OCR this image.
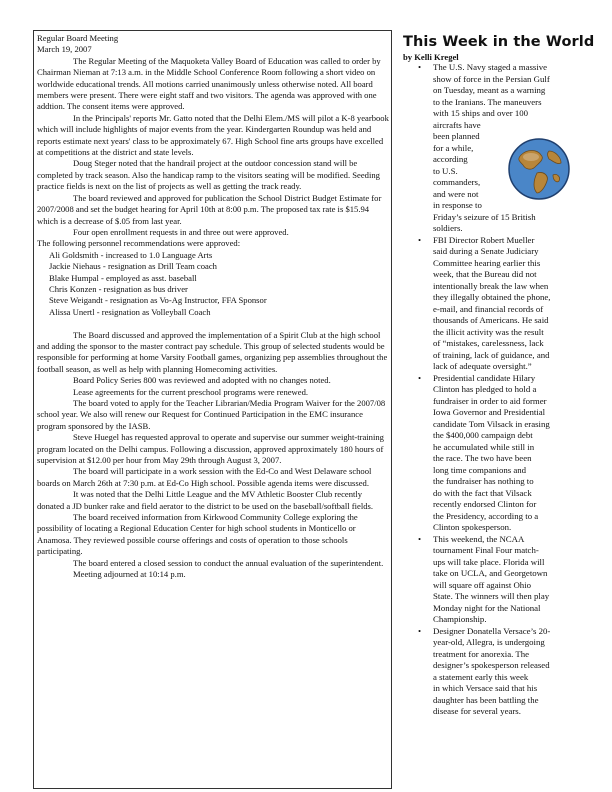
Regular Board Meeting

March 19, 2007

The Regular Meeting of the Maquoketa Valley Board of Education was called to order by Chairman Nieman at 7:13 a.m. in the Middle School Conference Room following a short video on worldwide educational trends. All motions carried unanimously unless otherwise noted. All board members were present. There were eight staff and two visitors. The agenda was approved with one addtion. The consent items were approved.

In the Principals' reports Mr. Gatto noted that the Delhi Elem./MS will pilot a K-8 yearbook which will include highlights of major events from the year. Kindergarten Roundup was held and reports estimate next years' class to be approximately 67. High School fine arts groups have excelled at competitions at the district and state levels.

Doug Steger noted that the handrail project at the outdoor concession stand will be completed by track season. Also the handicap ramp to the visitors seating will be modified. Seeding practice fields is next on the list of projects as well as getting the track ready.

The board reviewed and approved for publication the School District Budget Estimate for 2007/2008 and set the budget hearing for April 10th at 8:00 p.m. The proposed tax rate is $15.94 which is a decrease of $.05 from last year.

Four open enrollment requests in and three out were approved.

The following personnel recommendations were approved:

Ali Goldsmith - increased to 1.0 Language Arts
Jackie Niehaus - resignation as Drill Team coach
Blake Humpal - employed as asst. baseball
Chris Konzen - resignation as bus driver
Steve Weigandt - resignation as Vo-Ag Instructor, FFA Sponsor
Alissa Unertl - resignation as Volleyball Coach

The Board discussed and approved the implementation of a Spirit Club at the high school and adding the sponsor to the master contract pay schedule. This group of selected students would be responsible for performing at home Varsity Football games, organizing pep assemblies throughout the football season, as well as help with planning Homecoming activities.

Board Policy Series 800 was reviewed and adopted with no changes noted.

Lease agreements for the current preschool programs were renewed.

The board voted to apply for the Teacher Librarian/Media Program Waiver for the 2007/08 school year. We also will renew our Request for Continued Participation in the EMC insurance program sponsored by the IASB.

Steve Huegel has requested approval to operate and supervise our summer weight-training program located on the Delhi campus. Following a discussion, approved approximately 180 hours of supervision at $12.00 per hour from May 29th through August 3, 2007.

The board will participate in a work session with the Ed-Co and West Delaware school boards on March 26th at 7:30 p.m. at Ed-Co High school. Possible agenda items were discussed.

It was noted that the Delhi Little League and the MV Athletic Booster Club recently donated a JD bunker rake and field aerator to the district to be used on the baseball/softball fields.

The board received information from Kirkwood Community College exploring the possibility of locating a Regional Education Center for high school students in Monticello or Anamosa. They reviewed possible course offerings and costs of operation to those schools participating.

The board entered a closed session to conduct the annual evaluation of the superintendent.

Meeting adjourned at 10:14 p.m.

This Week in the World

by Kelli Kregel

• The U.S. Navy staged a massive
show of force in the Persian Gulf
on Tuesday, meant as a warning
to the Iranians. The maneuvers
with 15 ships and over 100
aircrafts have
been planned
for a while,
according
to U.S.
commanders,
and were not
in response to
Friday’s seizure of 15 British
soldiers.
• FBI Director Robert Mueller
said during a Senate Judiciary
Committee hearing earlier this
week, that the Bureau did not
intentionally break the law when
they illegally obtained the phone,
e-mail, and financial records of
thousands of Americans. He said
the illicit activity was the result
of “mistakes, carelessness, lack
of training, lack of guidance, and
lack of adequate oversight.”
• Presidential candidate Hilary
Clinton has pledged to hold a
fundraiser in order to aid former
Iowa Governor and Presidential
candidate Tom Vilsack in erasing
the $400,000 campaign debt
he accumulated while still in
the race. The two have been
long time companions and
the fundraiser has nothing to
do with the fact that Vilsack
recently endorsed Clinton for
the Presidency, according to a
Clinton spokesperson.
• This weekend, the NCAA
tournament Final Four match-
ups will take place. Florida will
take on UCLA, and Georgetown
will square off against Ohio
State. The winners will then play
Monday night for the National
Championship.
• Designer Donatella Versace’s 20-
year-old, Allegra, is undergoing
treatment for anorexia. The
designer’s spokesperson released
a statement early this week
in which Versace said that his
daughter has been battling the
disease for several years.
